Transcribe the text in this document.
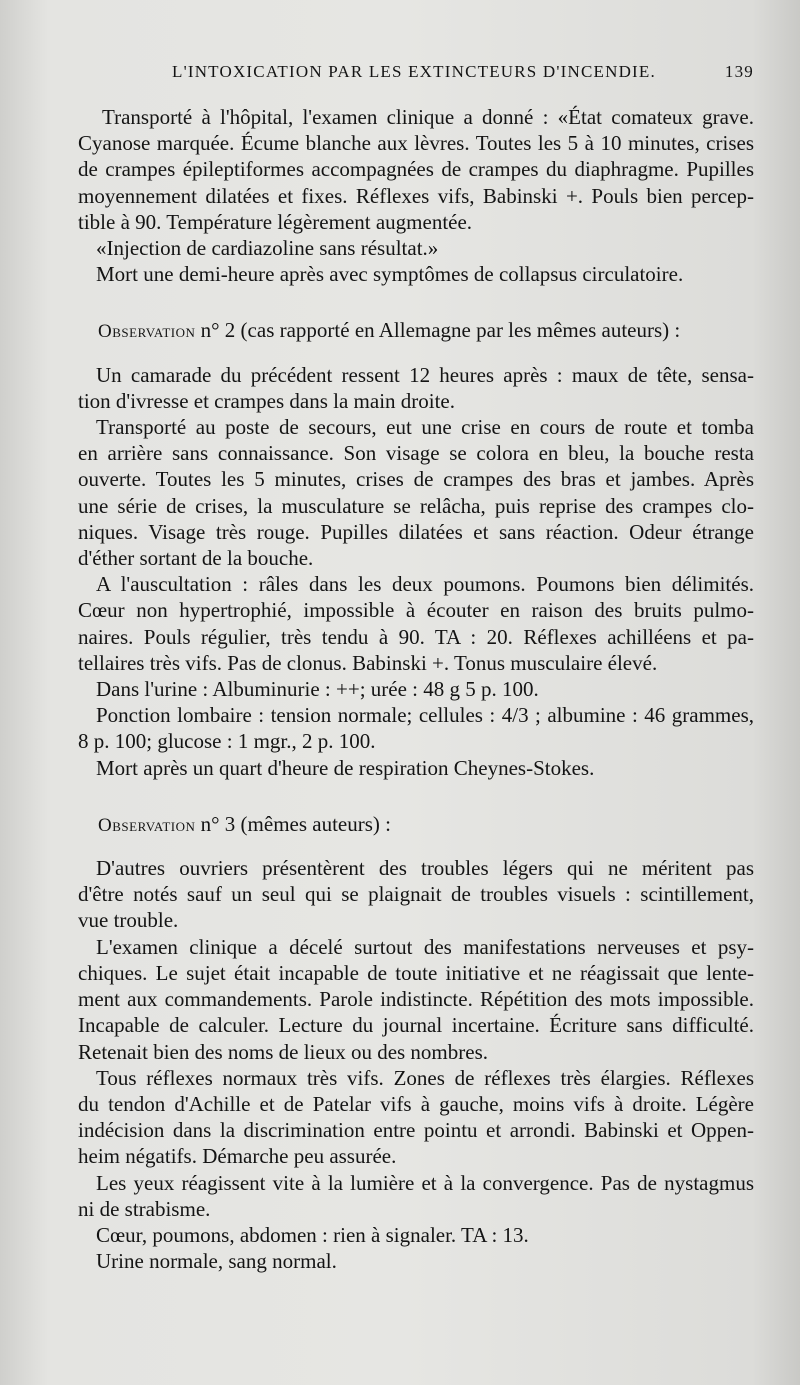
L'INTOXICATION PAR LES EXTINCTEURS D'INCENDIE.	139
Transporté à l'hôpital, l'examen clinique a donné : «État comateux grave.
Cyanose marquée. Écume blanche aux lèvres. Toutes les 5 à 10 minutes, crises
de crampes épileptiformes accompagnées de crampes du diaphragme. Pupilles
moyennement dilatées et fixes. Réflexes vifs, Babinski +. Pouls bien percep-
tible à 90. Température légèrement augmentée.
«Injection de cardiazoline sans résultat.»
Mort une demi-heure après avec symptômes de collapsus circulatoire.
Observation n° 2 (cas rapporté en Allemagne par les mêmes auteurs) :
Un camarade du précédent ressent 12 heures après : maux de tête, sensa-
tion d'ivresse et crampes dans la main droite.
Transporté au poste de secours, eut une crise en cours de route et tomba
en arrière sans connaissance. Son visage se colora en bleu, la bouche resta
ouverte. Toutes les 5 minutes, crises de crampes des bras et jambes. Après
une série de crises, la musculature se relâcha, puis reprise des crampes clo-
niques. Visage très rouge. Pupilles dilatées et sans réaction. Odeur étrange
d'éther sortant de la bouche.
A l'auscultation : râles dans les deux poumons. Poumons bien délimités.
Cœur non hypertrophié, impossible à écouter en raison des bruits pulmo-
naires. Pouls régulier, très tendu à 90. TA : 20. Réflexes achilléens et pa-
tellaires très vifs. Pas de clonus. Babinski +. Tonus musculaire élevé.
Dans l'urine : Albuminurie : ++; urée : 48 g 5 p. 100.
Ponction lombaire : tension normale; cellules : 4/3 ; albumine : 46 grammes,
8 p. 100; glucose : 1 mgr., 2 p. 100.
Mort après un quart d'heure de respiration Cheynes-Stokes.
Observation n° 3 (mêmes auteurs) :
D'autres ouvriers présentèrent des troubles légers qui ne méritent pas
d'être notés sauf un seul qui se plaignait de troubles visuels : scintillement,
vue trouble.
L'examen clinique a décelé surtout des manifestations nerveuses et psy-
chiques. Le sujet était incapable de toute initiative et ne réagissait que lente-
ment aux commandements. Parole indistincte. Répétition des mots impossible.
Incapable de calculer. Lecture du journal incertaine. Écriture sans difficulté.
Retenait bien des noms de lieux ou des nombres.
Tous réflexes normaux très vifs. Zones de réflexes très élargies. Réflexes
du tendon d'Achille et de Patelar vifs à gauche, moins vifs à droite. Légère
indécision dans la discrimination entre pointu et arrondi. Babinski et Oppen-
heim négatifs. Démarche peu assurée.
Les yeux réagissent vite à la lumière et à la convergence. Pas de nystagmus
ni de strabisme.
Cœur, poumons, abdomen : rien à signaler. TA : 13.
Urine normale, sang normal.
